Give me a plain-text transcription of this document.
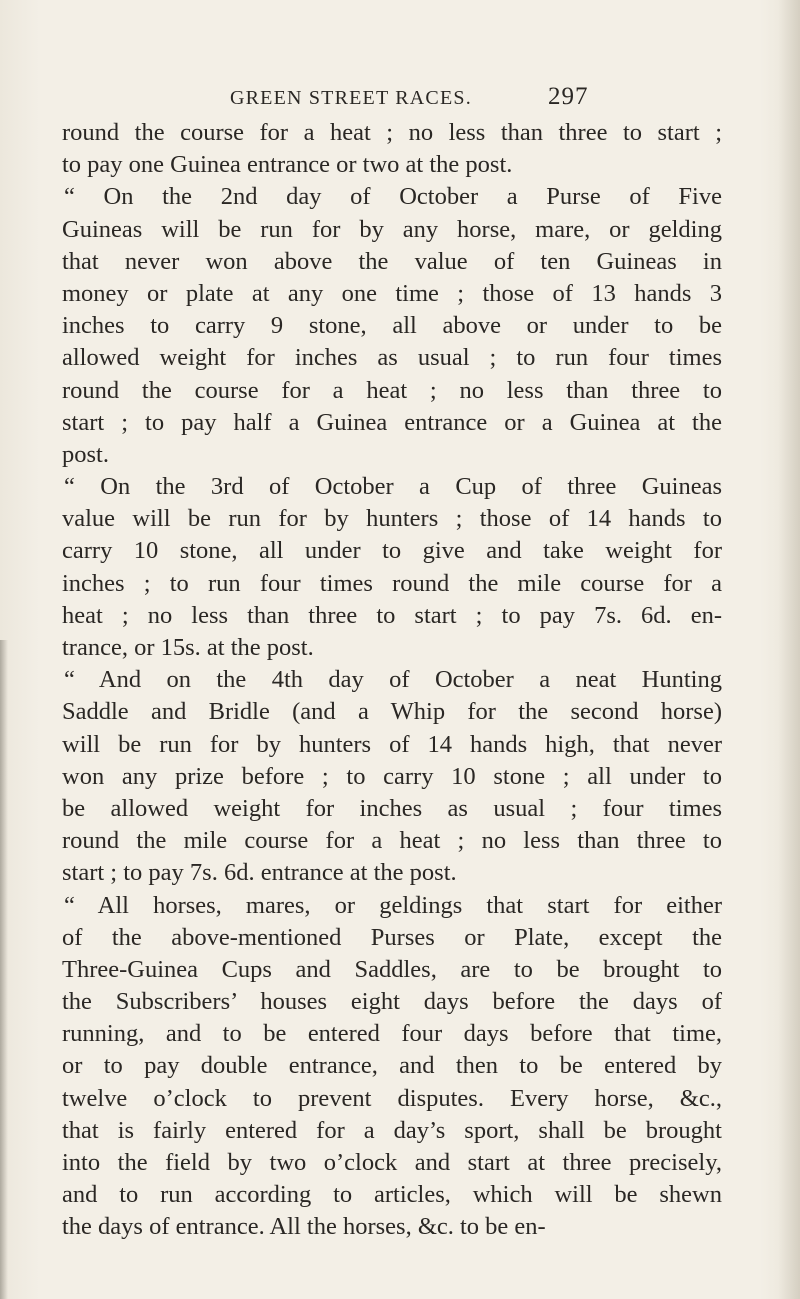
GREEN STREET RACES.	297
round the course for a heat ; no less than three to start ;
to pay one Guinea entrance or two at the post.
“ On the 2nd day of October a Purse of Five
Guineas will be run for by any horse, mare, or gelding
that never won above the value of ten Guineas in
money or plate at any one time ; those of 13 hands 3
inches to carry 9 stone, all above or under to be
allowed weight for inches as usual ; to run four times
round the course for a heat ; no less than three to
start ; to pay half a Guinea entrance or a Guinea at the
post.
“ On the 3rd of October a Cup of three Guineas
value will be run for by hunters ; those of 14 hands to
carry 10 stone, all under to give and take weight for
inches ; to run four times round the mile course for a
heat ; no less than three to start ; to pay 7s. 6d. en-
trance, or 15s. at the post.
“ And on the 4th day of October a neat Hunting
Saddle and Bridle (and a Whip for the second horse)
will be run for by hunters of 14 hands high, that never
won any prize before ; to carry 10 stone ; all under to
be allowed weight for inches as usual ; four times
round the mile course for a heat ; no less than three to
start ; to pay 7s. 6d. entrance at the post.
“ All horses, mares, or geldings that start for either
of the above-mentioned Purses or Plate, except the
Three-Guinea Cups and Saddles, are to be brought to
the Subscribers’ houses eight days before the days of
running, and to be entered four days before that time,
or to pay double entrance, and then to be entered by
twelve o’clock to prevent disputes. Every horse, &c.,
that is fairly entered for a day’s sport, shall be brought
into the field by two o’clock and start at three precisely,
and to run according to articles, which will be shewn
the days of entrance. All the horses, &c. to be en-
